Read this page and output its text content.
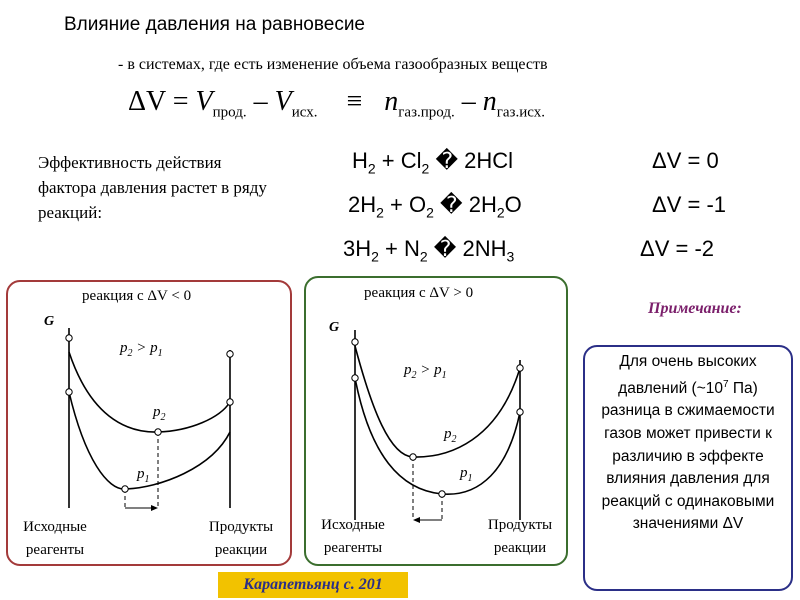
Влияние давления на равновесие
- в системах, где есть изменение объема газообразных веществ
$\Delta V = V_{прод.} - V_{исх.} \equiv n_{газ.прод.} - n_{газ.исх.}$
Эффективность действия фактора давления растет в ряду реакций:
$H_2 + Cl_2$ � 2HCl	ΔV = 0
$2H_2 + O_2$ � $2H_2O$	ΔV = -1
$3H_2 + N_2$ � $2NH_3$	ΔV = -2
реакция с ΔV < 0
G
$p_2 > p_1$
$p_2$
$p_1$
Исходные реагенты
Продукты реакции
реакция с ΔV > 0
G
$p_2 > p_1$
$p_2$
$p_1$
Исходные реагенты
Продукты реакции
Примечание:
Для очень высоких давлений ($\sim 10^7$ Па) разница в сжимаемости газов может привести к различию в эффекте влияния давления для реакций с одинаковыми значениями ΔV
Карапетьянц с. 201
